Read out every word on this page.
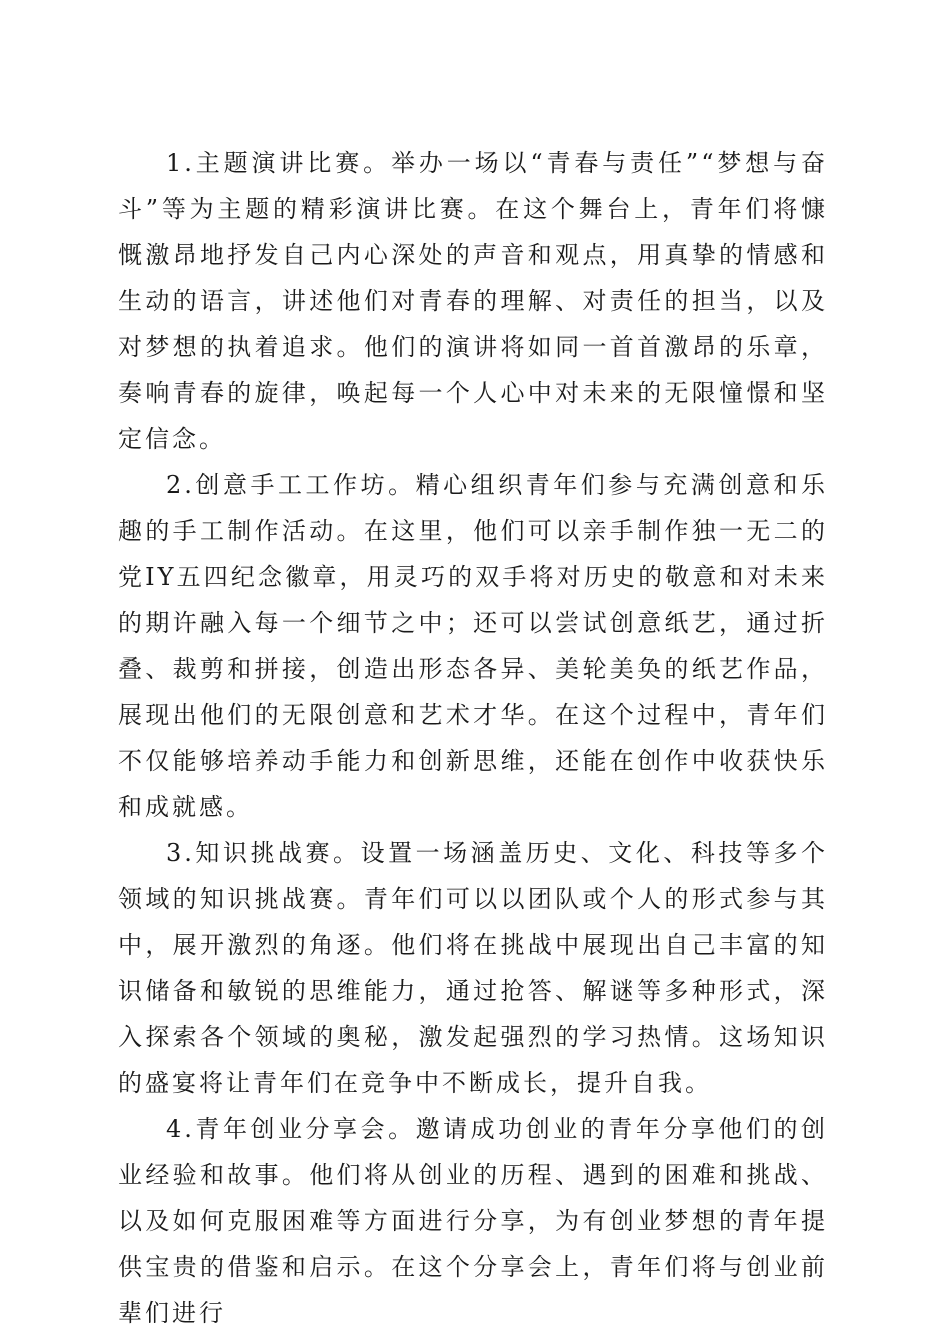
1.主题演讲比赛。举办一场以“青春与责任”“梦想与奋斗”等为主题的精彩演讲比赛。在这个舞台上，青年们将慷慨激昂地抒发自己内心深处的声音和观点，用真挚的情感和生动的语言，讲述他们对青春的理解、对责任的担当，以及对梦想的执着追求。他们的演讲将如同一首首激昂的乐章，奏响青春的旋律，唤起每一个人心中对未来的无限憧憬和坚定信念。

2.创意手工工作坊。精心组织青年们参与充满创意和乐趣的手工制作活动。在这里，他们可以亲手制作独一无二的党IY五四纪念徽章，用灵巧的双手将对历史的敬意和对未来的期许融入每一个细节之中；还可以尝试创意纸艺，通过折叠、裁剪和拼接，创造出形态各异、美轮美奂的纸艺作品，展现出他们的无限创意和艺术才华。在这个过程中，青年们不仅能够培养动手能力和创新思维，还能在创作中收获快乐和成就感。

3.知识挑战赛。设置一场涵盖历史、文化、科技等多个领域的知识挑战赛。青年们可以以团队或个人的形式参与其中，展开激烈的角逐。他们将在挑战中展现出自己丰富的知识储备和敏锐的思维能力，通过抢答、解谜等多种形式，深入探索各个领域的奥秘，激发起强烈的学习热情。这场知识的盛宴将让青年们在竞争中不断成长，提升自我。

4.青年创业分享会。邀请成功创业的青年分享他们的创业经验和故事。他们将从创业的历程、遇到的困难和挑战、以及如何克服困难等方面进行分享，为有创业梦想的青年提供宝贵的借鉴和启示。在这个分享会上，青年们将与创业前辈们进行
